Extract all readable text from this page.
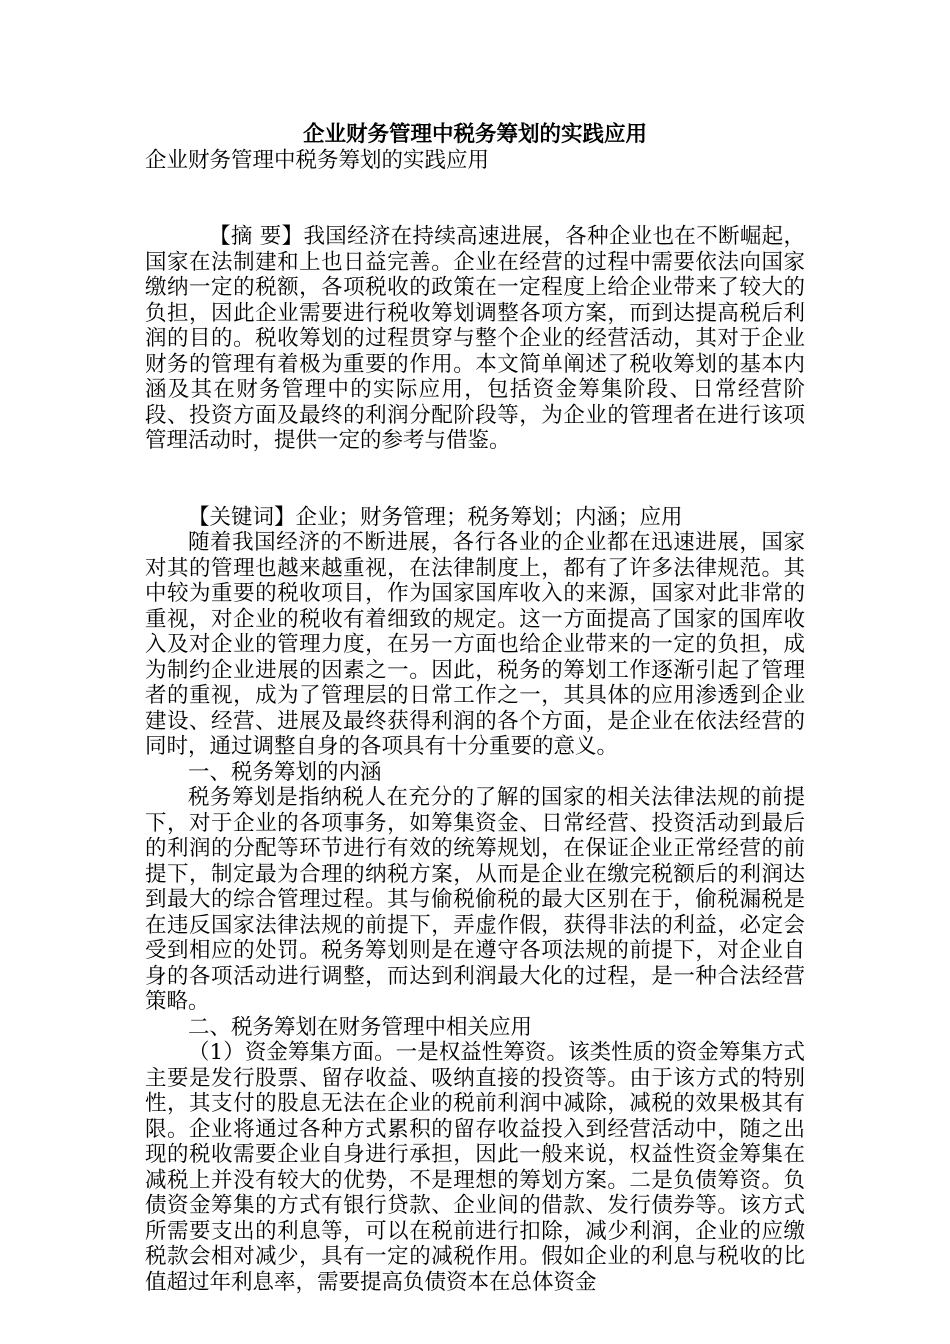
企业财务管理中税务筹划的实践应用

企业财务管理中税务筹划的实践应用

【摘 要】我国经济在持续高速进展，各种企业也在不断崛起，国家在法制建和上也日益完善。企业在经营的过程中需要依法向国家缴纳一定的税额，各项税收的政策在一定程度上给企业带来了较大的负担，因此企业需要进行税收筹划调整各项方案，而到达提高税后利润的目的。税收筹划的过程贯穿与整个企业的经营活动，其对于企业财务的管理有着极为重要的作用。本文简单阐述了税收筹划的基本内涵及其在财务管理中的实际应用，包括资金筹集阶段、日常经营阶段、投资方面及最终的利润分配阶段等，为企业的管理者在进行该项管理活动时，提供一定的参考与借鉴。

【关键词】企业；财务管理；税务筹划；内涵；应用

随着我国经济的不断进展，各行各业的企业都在迅速进展，国家对其的管理也越来越重视，在法律制度上，都有了许多法律规范。其中较为重要的税收项目，作为国家国库收入的来源，国家对此非常的重视，对企业的税收有着细致的规定。这一方面提高了国家的国库收入及对企业的管理力度，在另一方面也给企业带来的一定的负担，成为制约企业进展的因素之一。因此，税务的筹划工作逐渐引起了管理者的重视，成为了管理层的日常工作之一，其具体的应用渗透到企业建设、经营、进展及最终获得利润的各个方面，是企业在依法经营的同时，通过调整自身的各项具有十分重要的意义。

一、税务筹划的内涵

税务筹划是指纳税人在充分的了解的国家的相关法律法规的前提下，对于企业的各项事务，如筹集资金、日常经营、投资活动到最后的利润的分配等环节进行有效的统筹规划，在保证企业正常经营的前提下，制定最为合理的纳税方案，从而是企业在缴完税额后的利润达到最大的综合管理过程。其与偷税偷税的最大区别在于，偷税漏税是在违反国家法律法规的前提下，弄虚作假，获得非法的利益，必定会受到相应的处罚。税务筹划则是在遵守各项法规的前提下，对企业自身的各项活动进行调整，而达到利润最大化的过程，是一种合法经营策略。

二、税务筹划在财务管理中相关应用

（1）资金筹集方面。一是权益性筹资。该类性质的资金筹集方式主要是发行股票、留存收益、吸纳直接的投资等。由于该方式的特别性，其支付的股息无法在企业的税前利润中减除，减税的效果极其有限。企业将通过各种方式累积的留存收益投入到经营活动中，随之出现的税收需要企业自身进行承担，因此一般来说，权益性资金筹集在减税上并没有较大的优势，不是理想的筹划方案。二是负债筹资。负债资金筹集的方式有银行贷款、企业间的借款、发行债券等。该方式所需要支出的利息等，可以在税前进行扣除，减少利润，企业的应缴税款会相对减少，具有一定的减税作用。假如企业的利息与税收的比值超过年利息率，需要提高负债资本在总体资金
